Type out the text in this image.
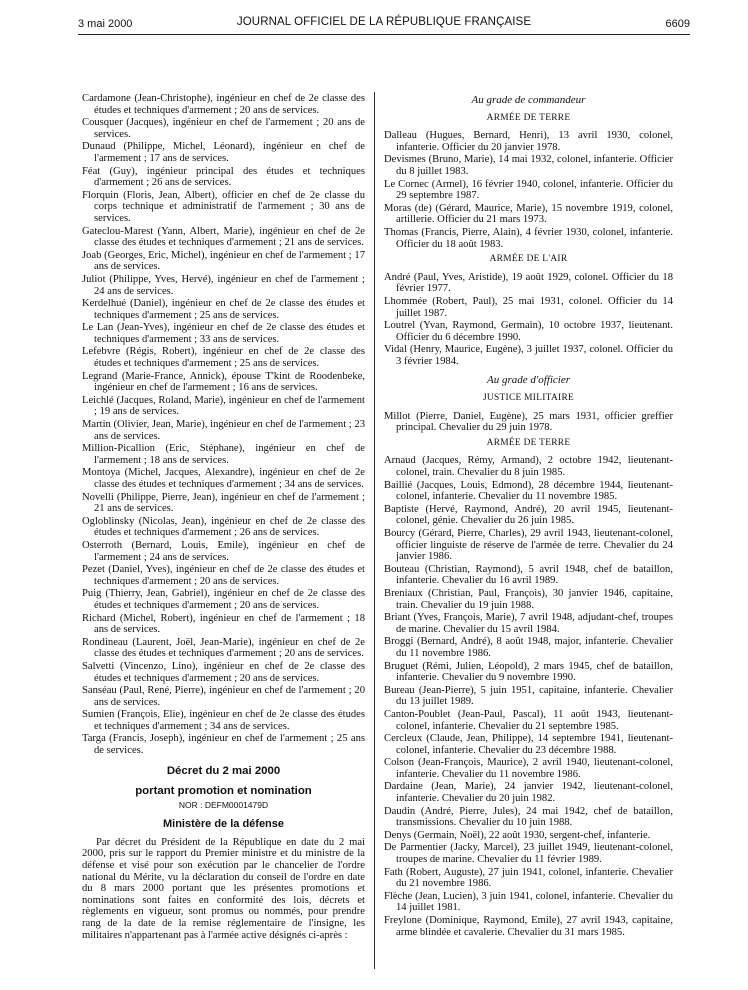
3 mai 2000	JOURNAL OFFICIEL DE LA RÉPUBLIQUE FRANÇAISE	6609
Cardamone (Jean-Christophe), ingénieur en chef de 2e classe des études et techniques d'armement ; 20 ans de services.
Cousquer (Jacques), ingénieur en chef de l'armement ; 20 ans de services.
Dunaud (Philippe, Michel, Léonard), ingénieur en chef de l'armement ; 17 ans de services.
Féat (Guy), ingénieur principal des études et techniques d'armement ; 26 ans de services.
Florquin (Floris, Jean, Albert), officier en chef de 2e classe du corps technique et administratif de l'armement ; 30 ans de services.
Gateclou-Marest (Yann, Albert, Marie), ingénieur en chef de 2e classe des études et techniques d'armement ; 21 ans de services.
Joab (Georges, Eric, Michel), ingénieur en chef de l'armement ; 17 ans de services.
Juliot (Philippe, Yves, Hervé), ingénieur en chef de l'armement ; 24 ans de services.
Kerdelhué (Daniel), ingénieur en chef de 2e classe des études et techniques d'armement ; 25 ans de services.
Le Lan (Jean-Yves), ingénieur en chef de 2e classe des études et techniques d'armement ; 33 ans de services.
Lefebvre (Régis, Robert), ingénieur en chef de 2e classe des études et techniques d'armement ; 25 ans de services.
Legrand (Marie-France, Annick), épouse T'kint de Roodenbeke, ingénieur en chef de l'armement ; 16 ans de services.
Leichlé (Jacques, Roland, Marie), ingénieur en chef de l'armement ; 19 ans de services.
Martin (Olivier, Jean, Marie), ingénieur en chef de l'armement ; 23 ans de services.
Million-Picallion (Eric, Stéphane), ingénieur en chef de l'armement ; 18 ans de services.
Montoya (Michel, Jacques, Alexandre), ingénieur en chef de 2e classe des études et techniques d'armement ; 34 ans de services.
Novelli (Philippe, Pierre, Jean), ingénieur en chef de l'armement ; 21 ans de services.
Ogloblinsky (Nicolas, Jean), ingénieur en chef de 2e classe des études et techniques d'armement ; 26 ans de services.
Osterroth (Bernard, Louis, Emile), ingénieur en chef de l'armement ; 24 ans de services.
Pezet (Daniel, Yves), ingénieur en chef de 2e classe des études et techniques d'armement ; 20 ans de services.
Puig (Thierry, Jean, Gabriel), ingénieur en chef de 2e classe des études et techniques d'armement ; 20 ans de services.
Richard (Michel, Robert), ingénieur en chef de l'armement ; 18 ans de services.
Rondineau (Laurent, Joël, Jean-Marie), ingénieur en chef de 2e classe des études et techniques d'armement ; 20 ans de services.
Salvetti (Vincenzo, Lino), ingénieur en chef de 2e classe des études et techniques d'armement ; 20 ans de services.
Sanséau (Paul, René, Pierre), ingénieur en chef de l'armement ; 20 ans de services.
Sumien (François, Elie), ingénieur en chef de 2e classe des études et techniques d'armement ; 34 ans de services.
Targa (Francis, Joseph), ingénieur en chef de l'armement ; 25 ans de services.
Décret du 2 mai 2000
portant promotion et nomination
NOR : DEFM0001479D
Ministère de la défense
Par décret du Président de la République en date du 2 mai 2000, pris sur le rapport du Premier ministre et du ministre de la défense et visé pour son exécution par le chancelier de l'ordre national du Mérite, vu la déclaration du conseil de l'ordre en date du 8 mars 2000 portant que les présentes promotions et nominations sont faites en conformité des lois, décrets et règlements en vigueur, sont promus ou nommés, pour prendre rang de la date de la remise réglementaire de l'insigne, les militaires n'appartenant pas à l'armée active désignés ci-après :
Au grade de commandeur
ARMÉE DE TERRE
Dalleau (Hugues, Bernard, Henri), 13 avril 1930, colonel, infanterie. Officier du 20 janvier 1978.
Devismes (Bruno, Marie), 14 mai 1932, colonel, infanterie. Officier du 8 juillet 1983.
Le Cornec (Armel), 16 février 1940, colonel, infanterie. Officier du 29 septembre 1987.
Moras (de) (Gérard, Maurice, Marie), 15 novembre 1919, colonel, artillerie. Officier du 21 mars 1973.
Thomas (Francis, Pierre, Alain), 4 février 1930, colonel, infanterie. Officier du 18 août 1983.
ARMÉE DE L'AIR
André (Paul, Yves, Aristide), 19 août 1929, colonel. Officier du 18 février 1977.
Lhommée (Robert, Paul), 25 mai 1931, colonel. Officier du 14 juillet 1987.
Loutrel (Yvan, Raymond, Germain), 10 octobre 1937, lieutenant. Officier du 6 décembre 1990.
Vidal (Henry, Maurice, Eugène), 3 juillet 1937, colonel. Officier du 3 février 1984.
Au grade d'officier
JUSTICE MILITAIRE
Millot (Pierre, Daniel, Eugène), 25 mars 1931, officier greffier principal. Chevalier du 29 juin 1978.
ARMÉE DE TERRE
Arnaud (Jacques, Rémy, Armand), 2 octobre 1942, lieutenant-colonel, train. Chevalier du 8 juin 1985.
Baillié (Jacques, Louis, Edmond), 28 décembre 1944, lieutenant-colonel, infanterie. Chevalier du 11 novembre 1985.
Baptiste (Hervé, Raymond, André), 20 avril 1945, lieutenant-colonel, génie. Chevalier du 26 juin 1985.
Bourcy (Gérard, Pierre, Charles), 29 avril 1943, lieutenant-colonel, officier linguiste de réserve de l'armée de terre. Chevalier du 24 janvier 1986.
Bouteau (Christian, Raymond), 5 avril 1948, chef de bataillon, infanterie. Chevalier du 16 avril 1989.
Breniaux (Christian, Paul, François), 30 janvier 1946, capitaine, train. Chevalier du 19 juin 1988.
Briant (Yves, François, Marie), 7 avril 1948, adjudant-chef, troupes de marine. Chevalier du 15 avril 1984.
Broggi (Bernard, André), 8 août 1948, major, infanterie. Chevalier du 11 novembre 1986.
Bruguet (Rémi, Julien, Léopold), 2 mars 1945, chef de bataillon, infanterie. Chevalier du 9 novembre 1990.
Bureau (Jean-Pierre), 5 juin 1951, capitaine, infanterie. Chevalier du 13 juillet 1989.
Canton-Poublet (Jean-Paul, Pascal), 11 août 1943, lieutenant-colonel, infanterie. Chevalier du 21 septembre 1985.
Cercleux (Claude, Jean, Philippe), 14 septembre 1941, lieutenant-colonel, infanterie. Chevalier du 23 décembre 1988.
Colson (Jean-François, Maurice), 2 avril 1940, lieutenant-colonel, infanterie. Chevalier du 11 novembre 1986.
Dardaine (Jean, Marie), 24 janvier 1942, lieutenant-colonel, infanterie. Chevalier du 20 juin 1982.
Daudin (André, Pierre, Jules), 24 mai 1942, chef de bataillon, transmissions. Chevalier du 10 juin 1988.
Denys (Germain, Noël), 22 août 1930, sergent-chef, infanterie.
De Parmentier (Jacky, Marcel), 23 juillet 1949, lieutenant-colonel, troupes de marine. Chevalier du 11 février 1989.
Fath (Robert, Auguste), 27 juin 1941, colonel, infanterie. Chevalier du 21 novembre 1986.
Flèche (Jean, Lucien), 3 juin 1941, colonel, infanterie. Chevalier du 14 juillet 1981.
Freylone (Dominique, Raymond, Emile), 27 avril 1943, capitaine, arme blindée et cavalerie. Chevalier du 31 mars 1985.
